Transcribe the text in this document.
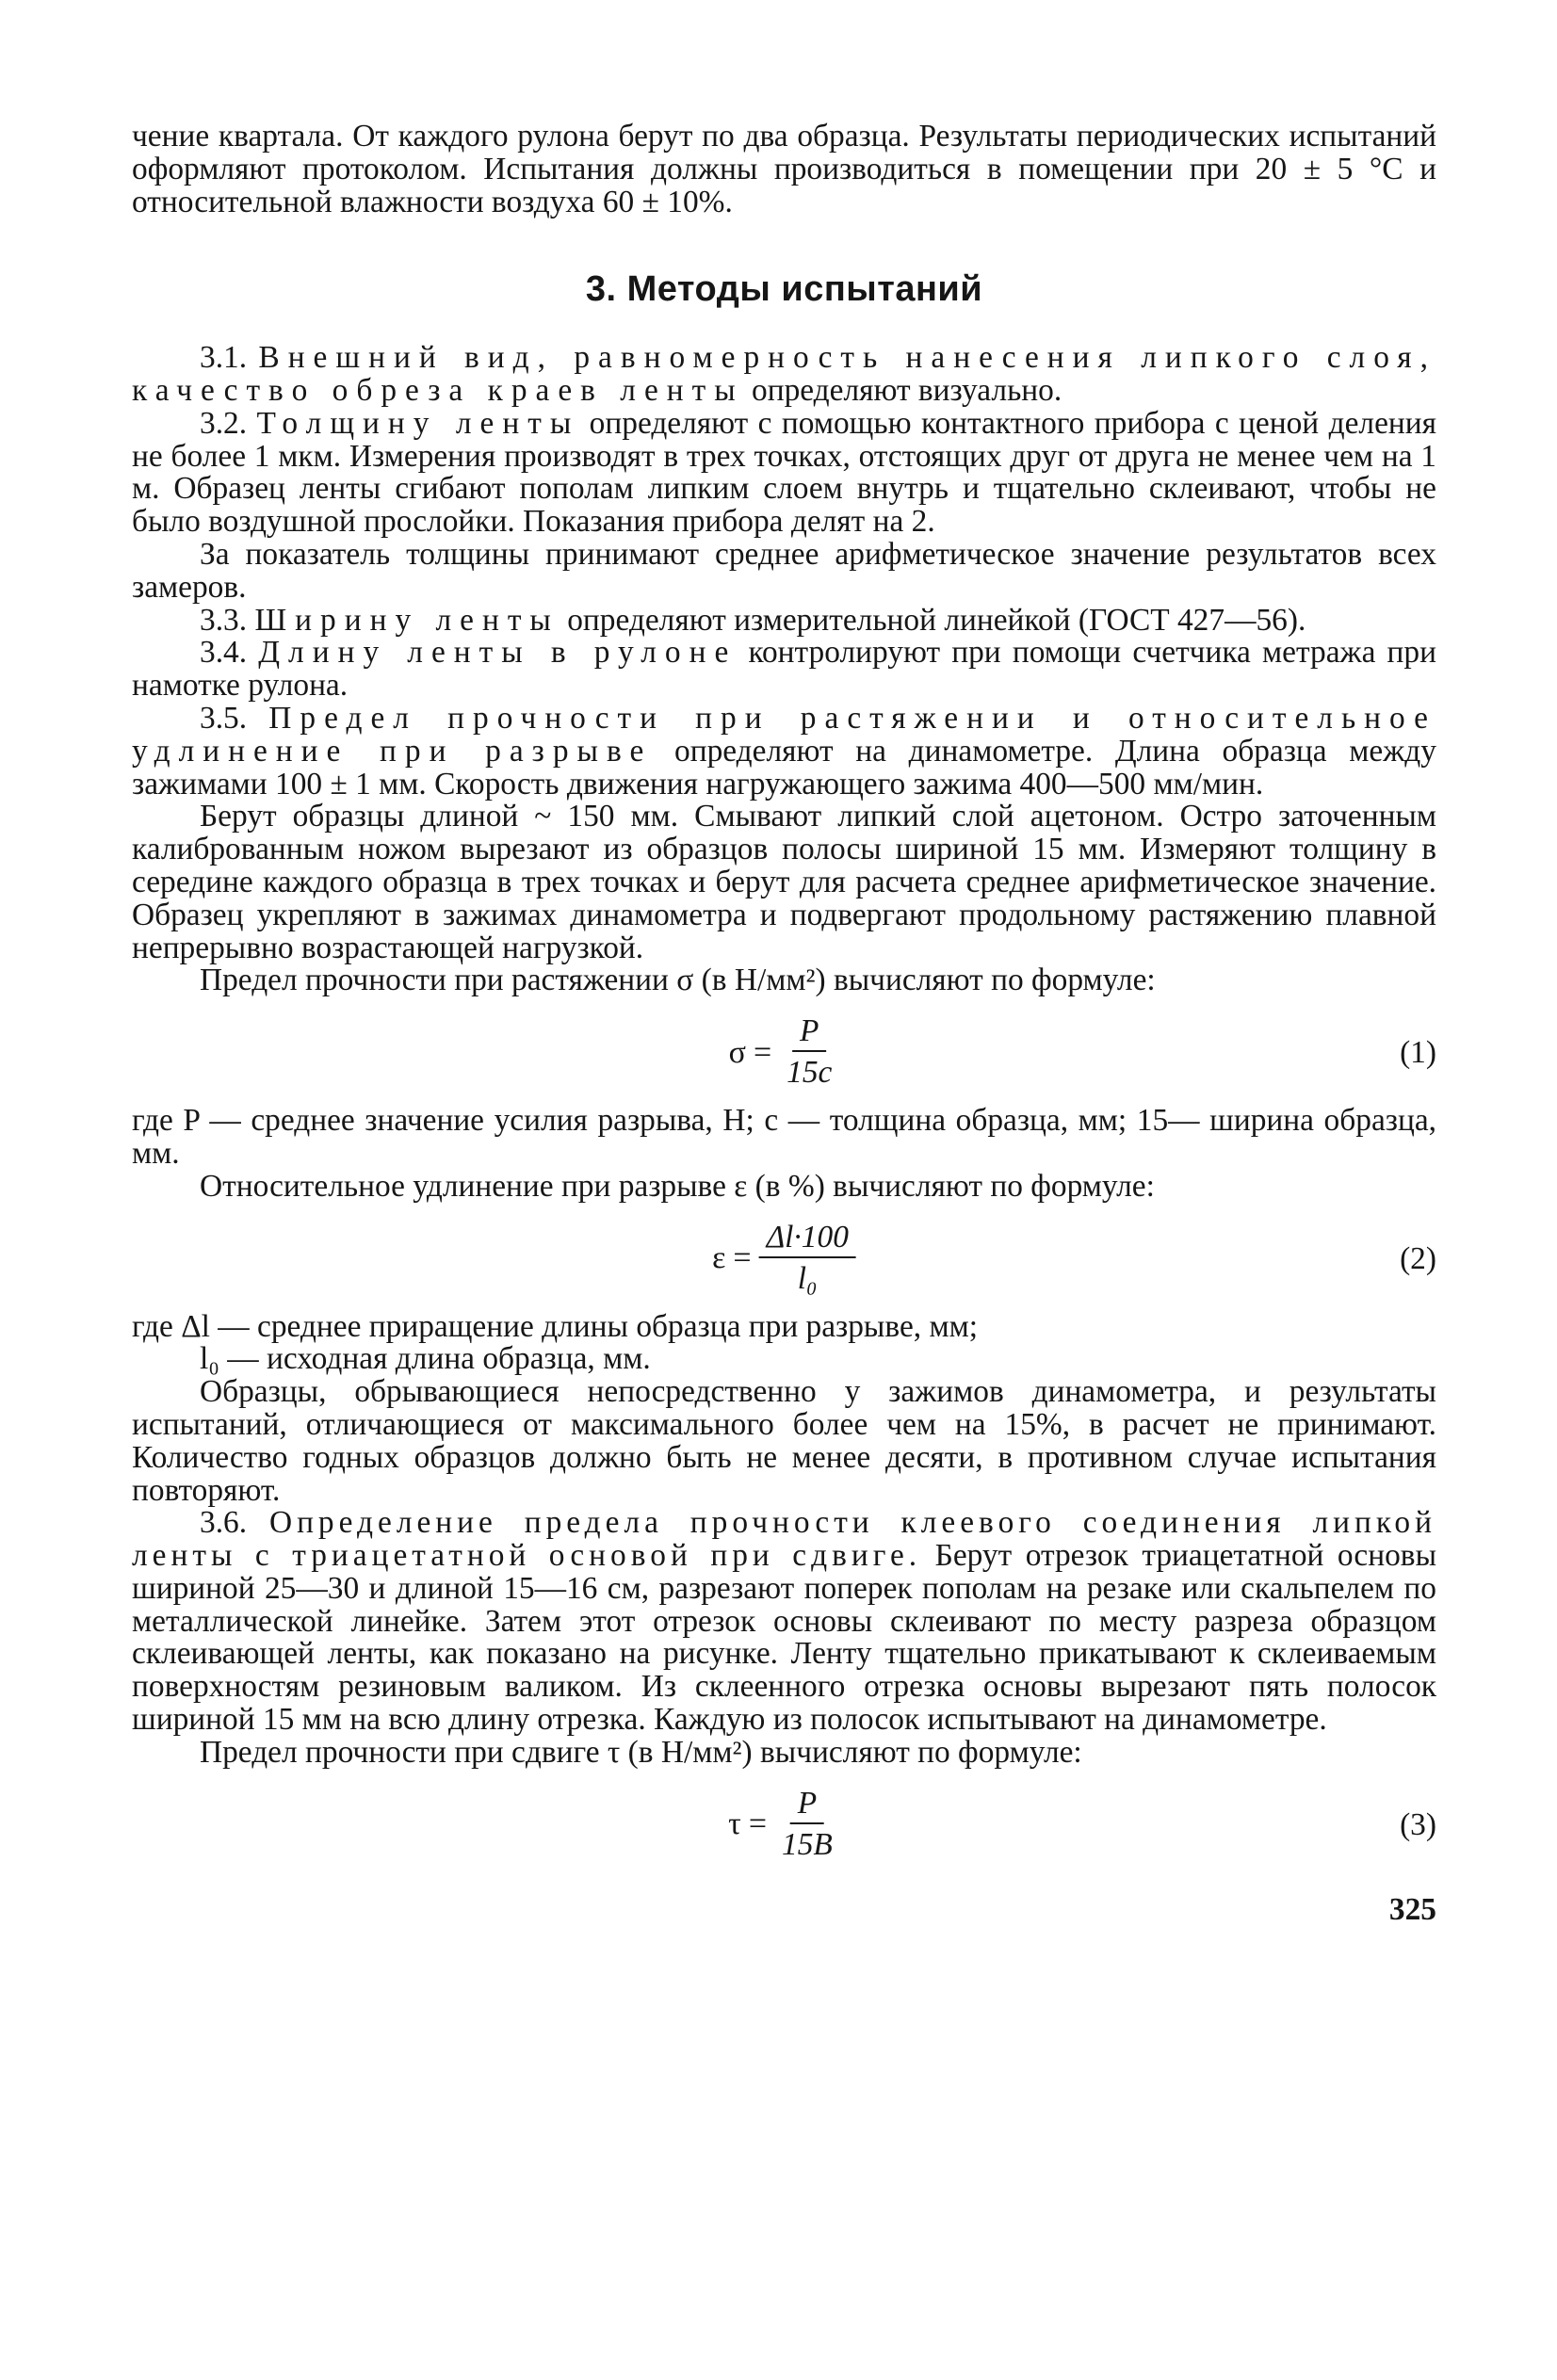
чение квартала. От каждого рулона берут по два образца. Результаты периодических испытаний оформляют протоколом. Испытания должны производиться в помещении при 20 ± 5 °С и относительной влажности воздуха 60 ± 10%.

3. Методы испытаний

3.1. Внешний вид, равномерность нанесения липкого слоя, качество обреза краев ленты определяют визуально.

3.2. Толщину ленты определяют с помощью контактного прибора с ценой деления не более 1 мкм. Измерения производят в трех точках, отстоящих друг от друга не менее чем на 1 м. Образец ленты сгибают пополам липким слоем внутрь и тщательно склеивают, чтобы не было воздушной прослойки. Показания прибора делят на 2.

За показатель толщины принимают среднее арифметическое значение результатов всех замеров.

3.3. Ширину ленты определяют измерительной линейкой (ГОСТ 427—56).

3.4. Длину ленты в рулоне контролируют при помощи счетчика метража при намотке рулона.

3.5. Предел прочности при растяжении и относительное удлинение при разрыве определяют на динамометре. Длина образца между зажимами 100 ± 1 мм. Скорость движения нагружающего зажима 400—500 мм/мин.

Берут образцы длиной ~ 150 мм. Смывают липкий слой ацетоном. Остро заточенным калиброванным ножом вырезают из образцов полосы шириной 15 мм. Измеряют толщину в середине каждого образца в трех точках и берут для расчета среднее арифметическое значение. Образец укрепляют в зажимах динамометра и подвергают продольному растяжению плавной непрерывно возрастающей нагрузкой.

Предел прочности при растяжении σ (в Н/мм²) вычисляют по формуле:

$\sigma = \frac{P}{15c}$	(1)

где P — среднее значение усилия разрыва, Н; c — толщина образца, мм; 15— ширина образца, мм.

Относительное удлинение при разрыве ε (в %) вычисляют по формуле:

$\varepsilon = \frac{\Delta l\cdot 100}{\text{l₀}}$	(2)

где Δl — среднее приращение длины образца при разрыве, мм;

l₀ — исходная длина образца, мм.

Образцы, обрывающиеся непосредственно у зажимов динамометра, и результаты испытаний, отличающиеся от максимального более чем на 15%, в расчет не принимают. Количество годных образцов должно быть не менее десяти, в противном случае испытания повторяют.

3.6. Определение предела прочности клеевого соединения липкой ленты с триацетатной основой при сдвиге. Берут отрезок триацетатной основы шириной 25—30 и длиной 15—16 см, разрезают поперек пополам на резаке или скальпелем по металлической линейке. Затем этот отрезок основы склеивают по месту разреза образцом склеивающей ленты, как показано на рисунке. Ленту тщательно прикатывают к склеиваемым поверхностям резиновым валиком. Из склеенного отрезка основы вырезают пять полосок шириной 15 мм на всю длину отрезка. Каждую из полосок испытывают на динамометре.

Предел прочности при сдвиге τ (в Н/мм²) вычисляют по формуле:

$\tau = \frac{P}{15B}$	(3)
325
